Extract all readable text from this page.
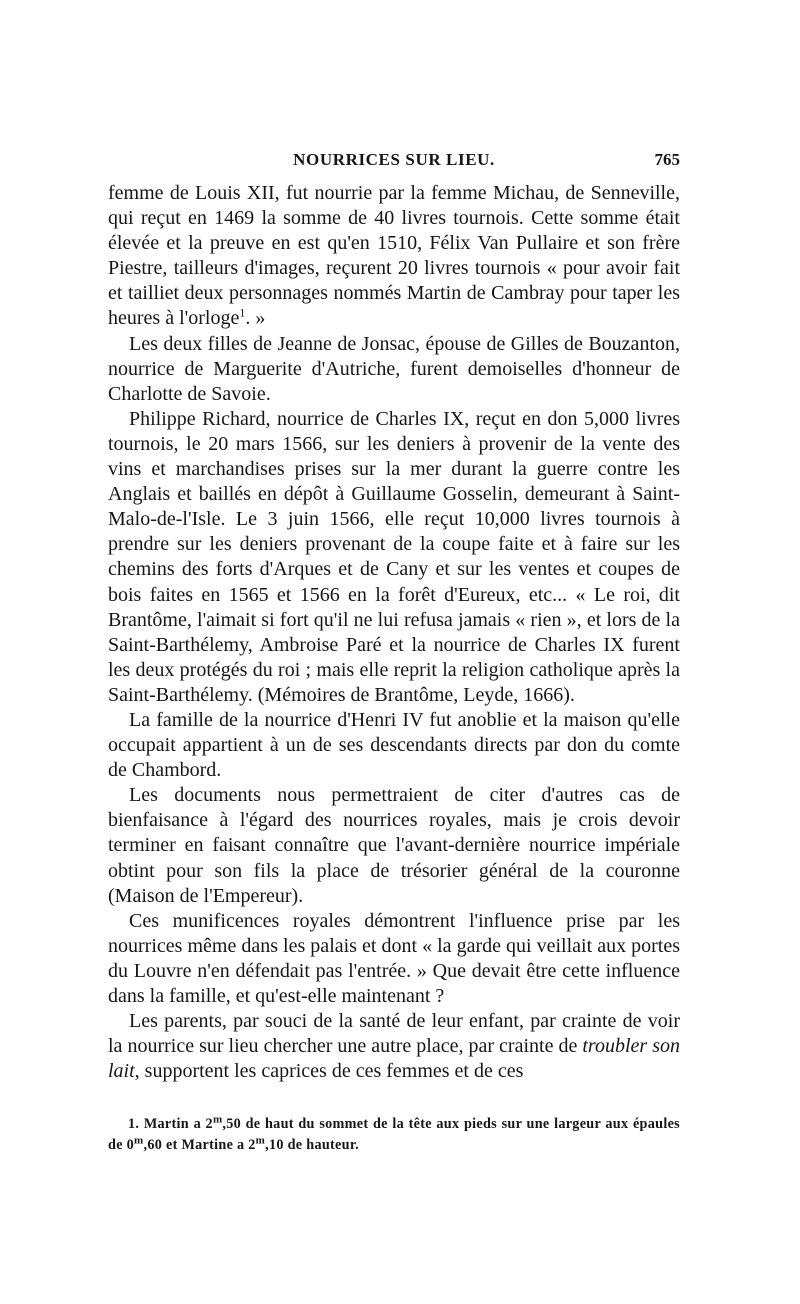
NOURRICES SUR LIEU.	765

femme de Louis XII, fut nourrie par la femme Michau, de Senneville, qui reçut en 1469 la somme de 40 livres tournois. Cette somme était élevée et la preuve en est qu'en 1510, Félix Van Pullaire et son frère Piestre, tailleurs d'images, reçurent 20 livres tournois « pour avoir fait et tailliet deux personnages nommés Martin de Cambray pour taper les heures à l'orloge$^1$. »

Les deux filles de Jeanne de Jonsac, épouse de Gilles de Bouzanton, nourrice de Marguerite d'Autriche, furent demoiselles d'honneur de Charlotte de Savoie.

Philippe Richard, nourrice de Charles IX, reçut en don 5,000 livres tournois, le 20 mars 1566, sur les deniers à provenir de la vente des vins et marchandises prises sur la mer durant la guerre contre les Anglais et baillés en dépôt à Guillaume Gosselin, demeurant à Saint-Malo-de-l'Isle. Le 3 juin 1566, elle reçut 10,000 livres tournois à prendre sur les deniers provenant de la coupe faite et à faire sur les chemins des forts d'Arques et de Cany et sur les ventes et coupes de bois faites en 1565 et 1566 en la forêt d'Eureux, etc... « Le roi, dit Brantôme, l'aimait si fort qu'il ne lui refusa jamais « rien », et lors de la Saint-Barthélemy, Ambroise Paré et la nourrice de Charles IX furent les deux protégés du roi ; mais elle reprit la religion catholique après la Saint-Barthélemy. (Mémoires de Brantôme, Leyde, 1666).

La famille de la nourrice d'Henri IV fut anoblie et la maison qu'elle occupait appartient à un de ses descendants directs par don du comte de Chambord.

Les documents nous permettraient de citer d'autres cas de bienfaisance à l'égard des nourrices royales, mais je crois devoir terminer en faisant connaître que l'avant-dernière nourrice impériale obtint pour son fils la place de trésorier général de la couronne (Maison de l'Empereur).

Ces munificences royales démontrent l'influence prise par les nourrices même dans les palais et dont « la garde qui veillait aux portes du Louvre n'en défendait pas l'entrée. » Que devait être cette influence dans la famille, et qu'est-elle maintenant ?

Les parents, par souci de la santé de leur enfant, par crainte de voir la nourrice sur lieu chercher une autre place, par crainte de troubler son lait, supportent les caprices de ces femmes et de ces

1. Martin a 2$^m$,50 de haut du sommet de la tête aux pieds sur une largeur aux épaules de 0$^m$,60 et Martine a 2$^m$,10 de hauteur.
